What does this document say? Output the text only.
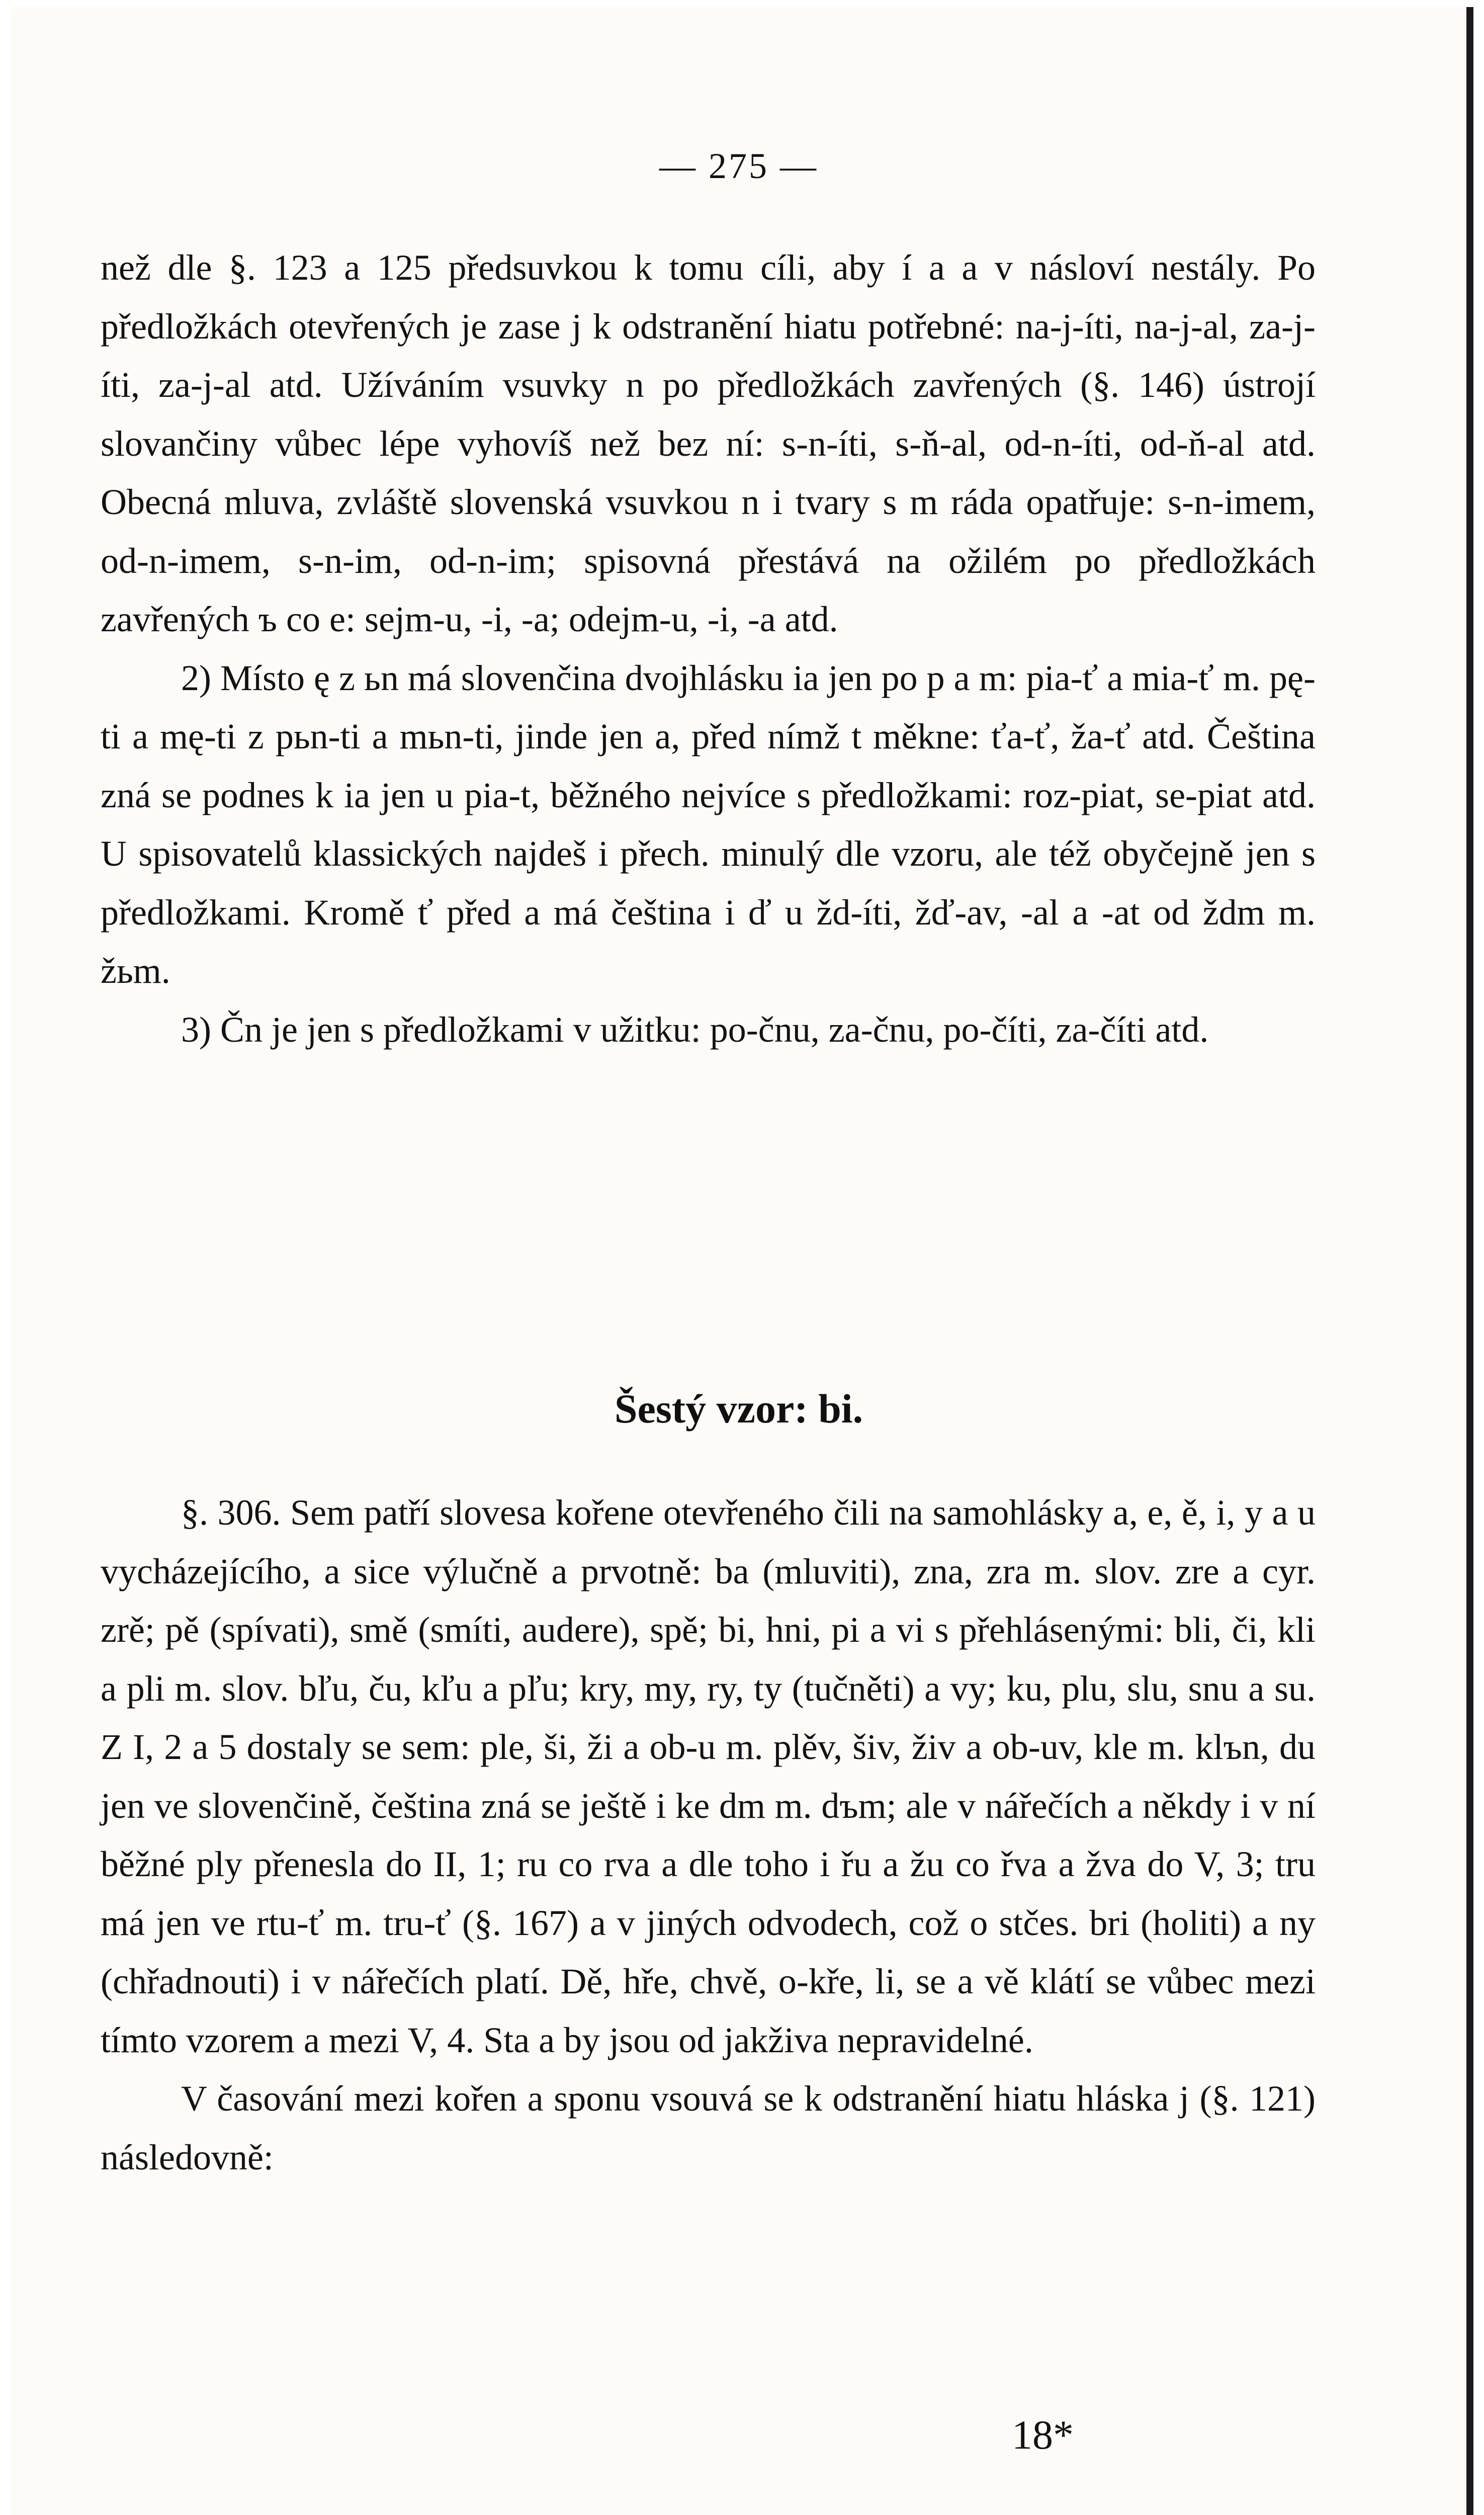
— 275 —

než dle §. 123 a 125 předsuvkou k tomu cíli, aby í a a v násloví nestály. Po předložkách otevřených je zase j k odstranění hiatu potřebné: na-j-íti, na-j-al, za-j-íti, za-j-al atd. Užíváním vsuvky n po předložkách zavřených (§. 146) ústrojí slovančiny vůbec lépe vyhovíš než bez ní: s-n-íti, s-ň-al, od-n-íti, od-ň-al atd. Obecná mluva, zvláště slovenská vsuvkou n i tvary s m ráda opatřuje: s-n-imem, od-n-imem, s-n-im, od-n-im; spisovná přestává na ožilém po předložkách zavřených ъ co e: sejm-u, -i, -a; odejm-u, -i, -a atd.

2) Místo ę z ьn má slovenčina dvojhlásku ia jen po p a m: pia-ť a mia-ť m. pę-ti a mę-ti z pьn-ti a mьn-ti, jinde jen a, před nímž t měkne: ťa-ť, ža-ť atd. Čeština zná se podnes k ia jen u pia-t, běžného nejvíce s předložkami: roz-piat, se-piat atd. U spisovatelů klassických najdeš i přech. minulý dle vzoru, ale též obyčejně jen s předložkami. Kromě ť před a má čeština i ď u žd-íti, žď-av, -al a -at od ždm m. žьm.

3) Čn je jen s předložkami v užitku: po-čnu, za-čnu, po-číti, za-číti atd.

Šestý vzor: bi.

§. 306. Sem patří slovesa kořene otevřeného čili na samohlásky a, e, ě, i, y a u vycházejícího, a sice výlučně a prvotně: ba (mluviti), zna, zra m. slov. zre a cyr. zrě; pě (spívati), smě (smíti, audere), spě; bi, hni, pi a vi s přehlásenými: bli, či, kli a pli m. slov. bľu, ču, kľu a pľu; kry, my, ry, ty (tučněti) a vy; ku, plu, slu, snu a su. Z I, 2 a 5 dostaly se sem: ple, ši, ži a ob-u m. plěv, šiv, živ a ob-uv, kle m. klъn, du jen ve slovenčině, čeština zná se ještě i ke dm m. dъm; ale v nářečích a někdy i v ní běžné ply přenesla do II, 1; ru co rva a dle toho i řu a žu co řva a žva do V, 3; tru má jen ve rtu-ť m. tru-ť (§. 167) a v jiných odvodech, což o stčes. bri (holiti) a ny (chřadnouti) i v nářečích platí. Dě, hře, chvě, o-kře, li, se a vě klátí se vůbec mezi tímto vzorem a mezi V, 4. Sta a by jsou od jakživa nepravidelné.

V časování mezi kořen a sponu vsouvá se k odstranění hiatu hláska j (§. 121) následovně:

18*
